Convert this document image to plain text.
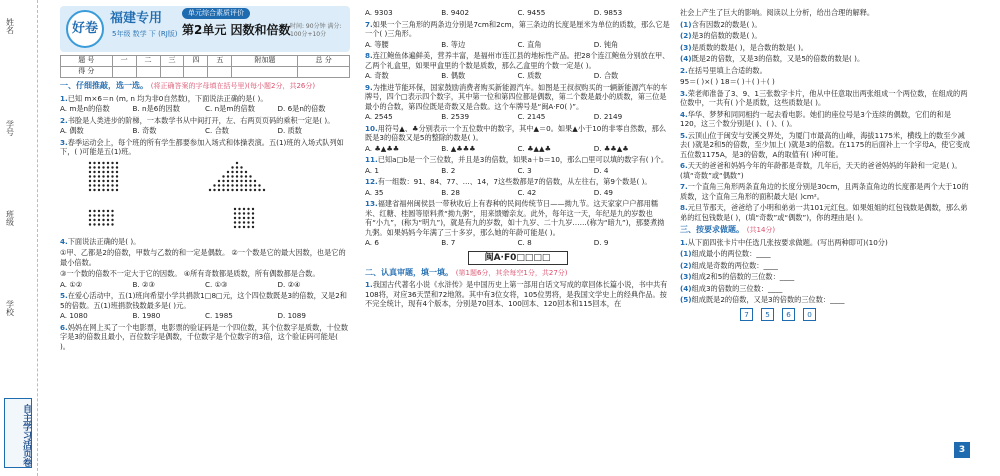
姓名
学号
班级
学校
自主学习活页卷
好卷
福建专用
5年级 数学 下 (RJ版)
单元综合素质评价
第2单元 因数和倍数 时间: 90分钟 满分: 100分+10分
题 号	一	二	三	四	五	附加题	总 分
得 分							
一、仔细推敲，选一选。 (将正确答案的字母填在括号里)(每小题2分，共26分)
1.已知 m×6＝n (m, n 均为非0自然数)，下面说法正确的是( )。
A. m是n的倍数	B. n是6的因数	C. n是m的倍数	D. 6是n的倍数
2.书脸是人类进步的阶梯，一本数学书从中间打开，左、右两页页码的乘积一定是( )。
A. 偶数	B. 奇数	C. 合数	D. 质数
3.春季运动会上，每个班的所有学生都要参加入场式和体操表演。五(1)班的入场式队列如下，( )可能是五(1)班。
4.下面说法正确的是( )。
①甲、乙都是2的倍数，甲数与乙数的和一定是偶数。 ②一个数是它的最大因数，也是它的最小倍数。
③一个数的倍数不一定大于它的因数。 ④所有奇数都是质数，所有偶数都是合数。
A. ①②	B. ②③	C. ①③	D. ②④
5.在爱心活动中，五(1)班向希望小学共捐款1□8□元，这个四位数既是3的倍数，又是2和5的倍数。五(1)班捐款钱数最多是( )元。
A. 1080	B. 1980	C. 1985	D. 1089
6.妈妈在网上买了一个电影票，电影票的验证码是一个四位数，其个位数字是质数，十位数字是3的倍数且最小，百位数字是偶数，千位数字是个位数字的3倍，这个验证码可能是( )。
A. 9303	B. 9402	C. 9455	D. 9853
7.如果一个三角形的两条边分别是7cm和2cm，第三条边的长度是厘米为单位的质数，那么它是一个( )三角形。
A. 等腰	B. 等边	C. 直角	D. 钝角
8.连江鲍鱼体遍鲜美，营养丰富，是福州市连江县的地标性产品。把28个连江鲍鱼分别放在甲、乙两个礼盒里，如果甲盒里的个数是质数，那么乙盒里的个数一定是( )。
A. 奇数	B. 偶数	C. 质数	D. 合数
9.为推进节能环保，国家鼓励消费者购买新能源汽车。如图是王叔叔购买的一辆新能源汽车的车牌号，四个□表示四个数字，其中第一位和第四位都是偶数，第二个数是最小的质数，第三位是最小的合数，第四位既是奇数又是合数。这个车牌号是“闽A·F0( )”。
A. 2545	B. 2539	C. 2145	D. 2149
10.用符号▲、♣分别表示一个五位数中的数字，其中▲＝0。如果▲小于10的非零自然数，那么既是3的倍数又是5的整除的数是( )。
A. ♣▲♣♣	B. ▲♣♣♣	C. ♣▲▲♣	D. ♣♣▲♣
11.已知a□b是一个三位数，并且是3的倍数，如果a＋b＝10，那么□里可以填的数字有( )个。
A. 1	B. 2	C. 3	D. 4
12.有一组数：91、84、77、…、14，7这些数都是7的倍数，从左往右，第9个数是( )。
A. 35	B. 28	C. 42	D. 49
13.福建省福州闽侯县一带秋收后上有春种的民间传统节日——拗九节。这天家家户户都用糯米、红糖、桂圆等原料煮“拗九粥”，用来馈赠亲友。此外，每年这一天，年纪是九的岁数也有“小九”，(称为“明九”)，就是有九的岁数，如十九岁、二十九岁……(称为“暗九”)，那要煮拗九粥。如果妈妈今年满了三十多岁，那么她的年龄可能是( )。
A. 6	B. 7	C. 8	D. 9
闽A·F0□□□□
二、认真审题，填一填。 (第1题6分，其余每空1分，共27分)
1.我国古代著名小说《水浒传》是中国历史上第一部用白话文写成的章回体长篇小说，书中共有108将，对应36天罡和72地煞。其中有3位女将，105位男将，是我国文学史上的经典作品。按不完全统计，现有4个版本，分别是70回本、100回本、120回本和115回本，在
社会上产生了巨大的影响。阅读以上分析，给出合理的解释。
(1)含有因数2的数是( )。
(2)是3的倍数的数是( )。
(3)是质数的数是( )，是合数的数是( )。
(4)既是2的倍数，又是3的倍数，又是5的倍数的数是( )。
2.在括号里填上合适的数。
95＝( )×( ) 18＝( )＋( )＋( )
3.荣老师准备了3、9、1三张数字卡片，他从中任意取出两张组成一个两位数，在组成的两位数中，一共有( )个是质数，这些质数是( )。
4.华华、梦梦和同同相约一起去看电影。她们的座位号是3个连续的偶数，它们的和是120，这三个数分别是( )、( )、( )。
5.云顶山位于闽安与安溪交界处，为厦门市最高的山峰，海拔1175米，横线上的数至少减去( )就是2和5的倍数，至少加上( )就是3的倍数。在1175的后面补上一个字母A，使它变成五位数1175A，是3的倍数，A的取值有( )种可能。
6.天天的爸爸和妈妈今年的年龄都是奇数，几年后，天天的爸爸妈妈的年龄和一定是( )。(填“奇数”或“偶数”)
7.一个直角三角形两条直角边的长度分别是30cm，且两条直角边的长度都是两个大于10的质数，这个直角三角形的面积最大是( )cm²。
8.元旦节那天，爸爸给了小明和弟弟一共101元红包。如果姐姐的红包钱数是偶数，那么弟弟的红包钱数是( )，(填“奇数”或“偶数”)，你的理由是( )。
三、按要求做题。 (共14分)
1.从下面四张卡片中任选几张按要求做题。(写出两种即可)(10分)
(1)组成最小的两位数：____
(2)组成是奇数的两位数：____
(3)组成2和5的倍数的三位数：____
(4)组成3的倍数的三位数：____
(5)组成既是2的倍数，又是3的倍数的三位数：____
7	5	6	0
3
